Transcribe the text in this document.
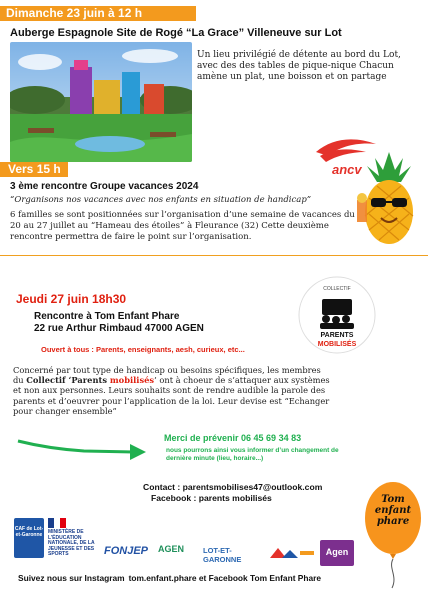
Dimanche 23 juin à 12 h
Auberge Espagnole Site de Rogé “La Grace” Villeneuve sur Lot
Un lieu privilégié de détente au bord du Lot, avec des des tables de pique-nique Chacun amène un plat, une boisson et on partage
Vers 15 h
3 ème rencontre Groupe vacances 2024
“Organisons nos vacances avec nos enfants en situation de handicap”
6 familles se sont positionnées sur l’organisation d’une semaine de vacances du 20 au 27 juillet au “Hameau des étoiles” à Fleurance (32) Cette deuxième rencontre permettra de faire le point sur l’organisation.
ancv
Jeudi 27 juin 18h30
Rencontre à Tom Enfant Phare
22 rue Arthur Rimbaud 47000 AGEN
COLLECTIF
PARENTS
MOBILISÉS
Ouvert à tous : Parents, enseignants, aesh, curieux, etc...
Concerné par tout type de handicap ou besoins spécifiques, les membres du Collectif ‘Parents mobilisés’ ont à choeur de s’attaquer aux systèmes et non aux personnes. Leurs souhaits sont de rendre audible la parole des parents et d’oeuvrer pour l’application de la loi. Leur devise est “Echanger pour changer ensemble”
Merci de prévenir 06 45 69 34 83
nous pourrons ainsi vous informer d’un changement de dernière minute (lieu, horaire...)
Contact : parentsmobilises47@outlook.com
Facebook : parents mobilisés	Tom enfant phare
CAF de Lot-et-Garonne	MINISTÈRE DE L’ÉDUCATION NATIONALE, DE LA JEUNESSE ET DES SPORTS	FONJEP	AGEN	LOT-ET-GARONNE
Agen
Suivez nous sur Instagram tom.enfant.phare et Facebook Tom Enfant Phare
